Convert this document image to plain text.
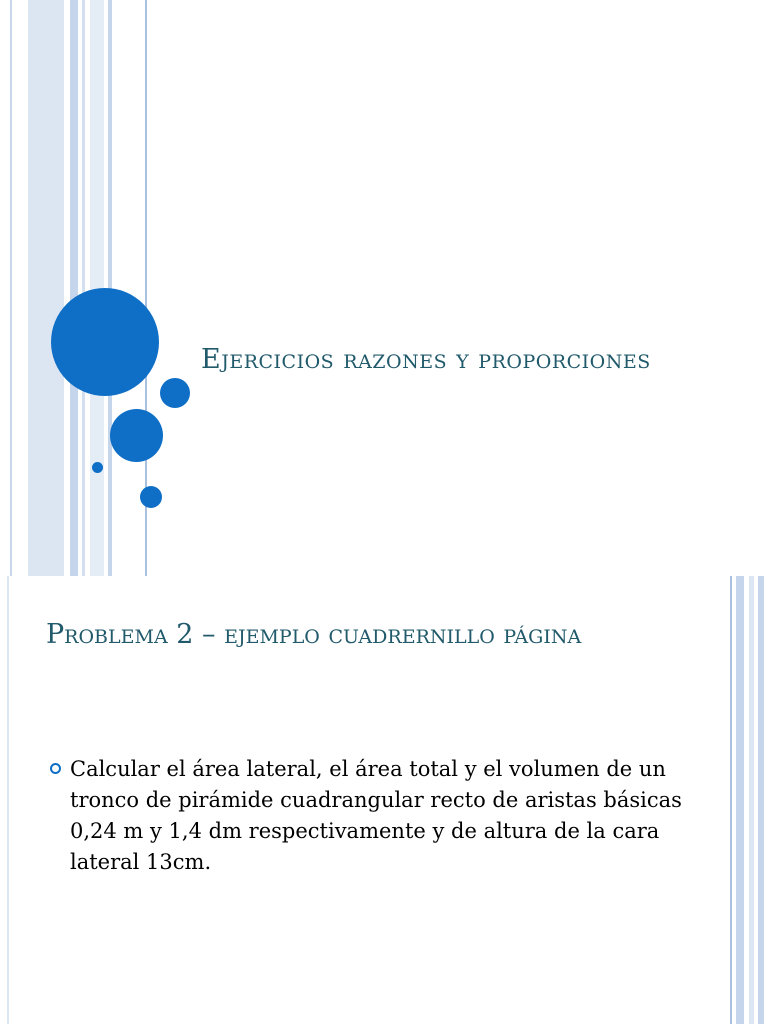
Ejercicios razones y proporciones
Problema 2 – ejemplo cuadrernillo página
Calcular el área lateral, el área total y el volumen de un tronco de pirámide cuadrangular recto de aristas básicas 0,24 m y 1,4 dm respectivamente y de altura de la cara lateral 13cm.
